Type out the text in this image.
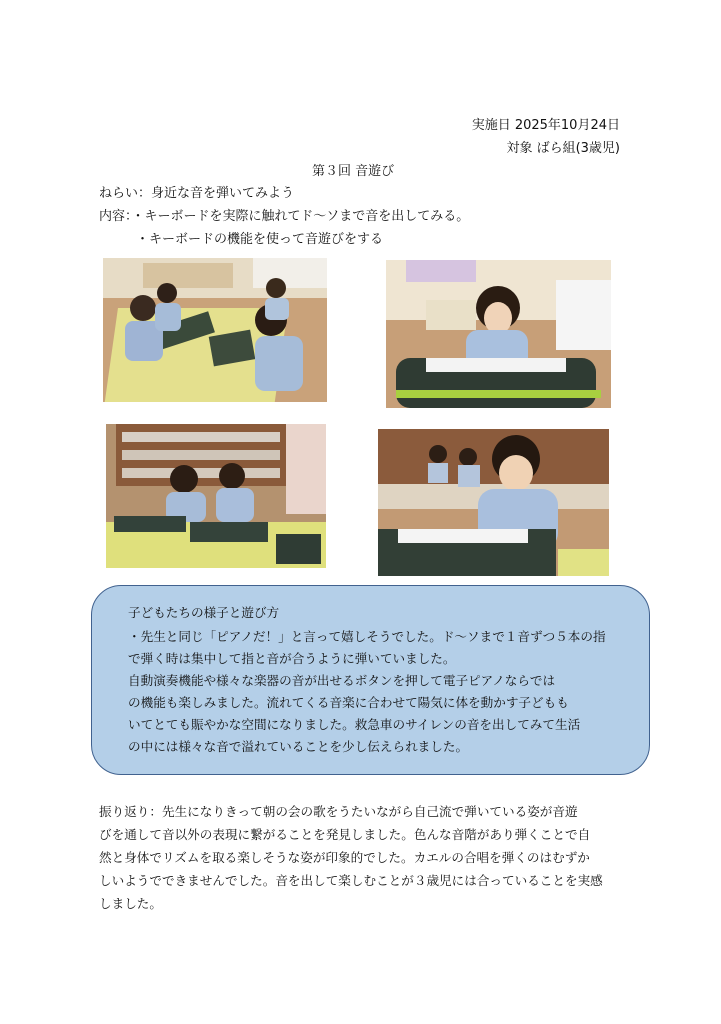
実施日 2025年10月24日
対象 ばら組(3歳児)
第３回 音遊び
ねらい：身近な音を弾いてみよう
内容：・キーボードを実際に触れてド～ソまで音を出してみる。
・キーボードの機能を使って音遊びをする
子どもたちの様子と遊び方
・先生と同じ「ピアノだ！」と言って嬉しそうでした。ド～ソまで１音ずつ５本の指
で弾く時は集中して指と音が合うように弾いていました。
自動演奏機能や様々な楽器の音が出せるボタンを押して電子ピアノならでは
の機能も楽しみました。流れてくる音楽に合わせて陽気に体を動かす子どもも
いてとても賑やかな空間になりました。救急車のサイレンの音を出してみて生活
の中には様々な音で溢れていることを少し伝えられました。
振り返り：先生になりきって朝の会の歌をうたいながら自己流で弾いている姿が音遊
びを通して音以外の表現に繋がることを発見しました。色んな音階があり弾くことで自
然と身体でリズムを取る楽しそうな姿が印象的でした。カエルの合唱を弾くのはむずか
しいようでできませんでした。音を出して楽しむことが３歳児には合っていることを実感
しました。
